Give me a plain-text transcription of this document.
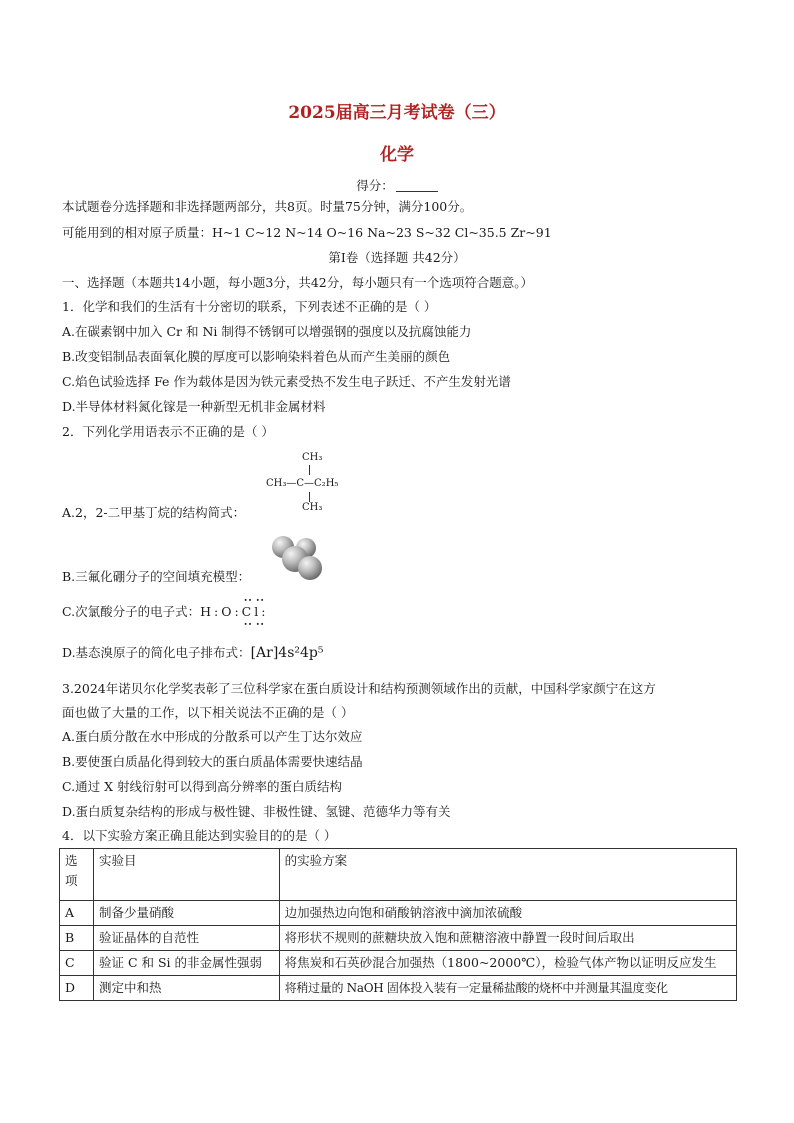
2025届高三月考试卷（三）
化学
得分：
本试题卷分选择题和非选择题两部分，共8页。时量75分钟，满分100分。
可能用到的相对原子质量：H~1 C~12 N~14 O~16 Na~23 S~32 Cl~35.5 Zr~91
第Ⅰ卷（选择题 共42分）
一、选择题（本题共14小题，每小题3分，共42分，每小题只有一个选项符合题意。）
1．化学和我们的生活有十分密切的联系，下列表述不正确的是（ ）
A.在碳素钢中加入 Cr 和 Ni 制得不锈钢可以增强钢的强度以及抗腐蚀能力
B.改变铝制品表面氧化膜的厚度可以影响染料着色从而产生美丽的颜色
C.焰色试验选择 Fe 作为载体是因为铁元素受热不发生电子跃迁、不产生发射光谱
D.半导体材料氮化镓是一种新型无机非金属材料
2．下列化学用语表示不正确的是（ ）
CH₃
CH₃—C—C₂H₅
CH₃
A.2，2-二甲基丁烷的结构简式：
B.三氟化硼分子的空间填充模型：
C.次氯酸分子的电子式：H:O:Cl:
∙∙ ∙∙
∙∙ ∙∙
D.基态溴原子的简化电子排布式：[Ar]4s²4p⁵
3.2024年诺贝尔化学奖表彰了三位科学家在蛋白质设计和结构预测领域作出的贡献，中国科学家颜宁在这方
面也做了大量的工作，以下相关说法不正确的是（ ）
A.蛋白质分散在水中形成的分散系可以产生丁达尔效应
B.要使蛋白质晶化得到较大的蛋白质晶体需要快速结晶
C.通过 X 射线衍射可以得到高分辨率的蛋白质结构
D.蛋白质复杂结构的形成与极性键、非极性键、氢键、范德华力等有关
4．以下实验方案正确且能达到实验目的的是（ ）
选项	实验目	的实验方案
A	制备少量硝酸	边加强热边向饱和硝酸钠溶液中滴加浓硫酸
B	验证晶体的自范性	将形状不规则的蔗糖块放入饱和蔗糖溶液中静置一段时间后取出
C	验证 C 和 Si 的非金属性强弱	将焦炭和石英砂混合加强热（1800~2000℃），检验气体产物以证明反应发生
D	测定中和热	将稍过量的 NaOH 固体投入装有一定量稀盐酸的烧杯中并测量其温度变化
